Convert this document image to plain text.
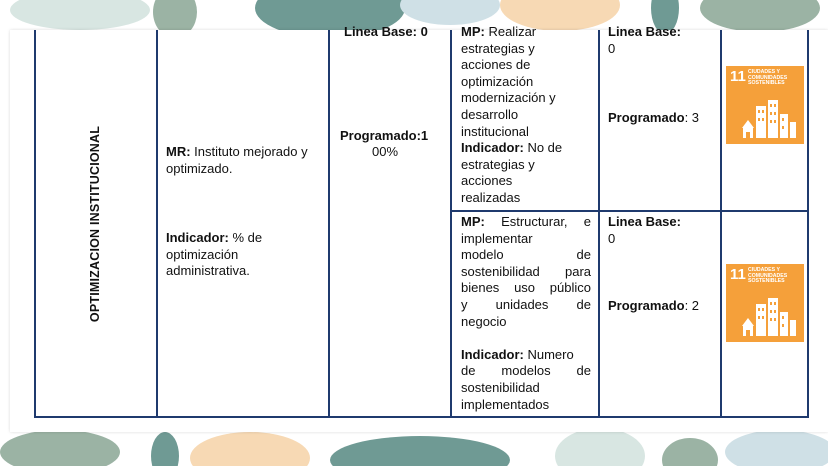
OPTIMIZACION INSTITUCIONAL	MR: Instituto mejorado y optimizado.
Indicador: % de optimización administrativa.
Linea Base: 0
Programado:1
00%
MP: Realizar
estrategias y
acciones de
optimización
modernización y
desarrollo
institucional
Indicador: No de
estrategias y
acciones
realizadas
Linea Base:
0
Programado: 3
11 CIUDADES Y COMUNIDADES SOSTENIBLES
MP: Estructurar, e
implementar
modelo de
sostenibilidad para
bienes uso público
y unidades de
negocio
Indicador: Numero
de modelos de
sostenibilidad
implementados
Linea Base:
0
Programado: 2
11 CIUDADES Y COMUNIDADES SOSTENIBLES
